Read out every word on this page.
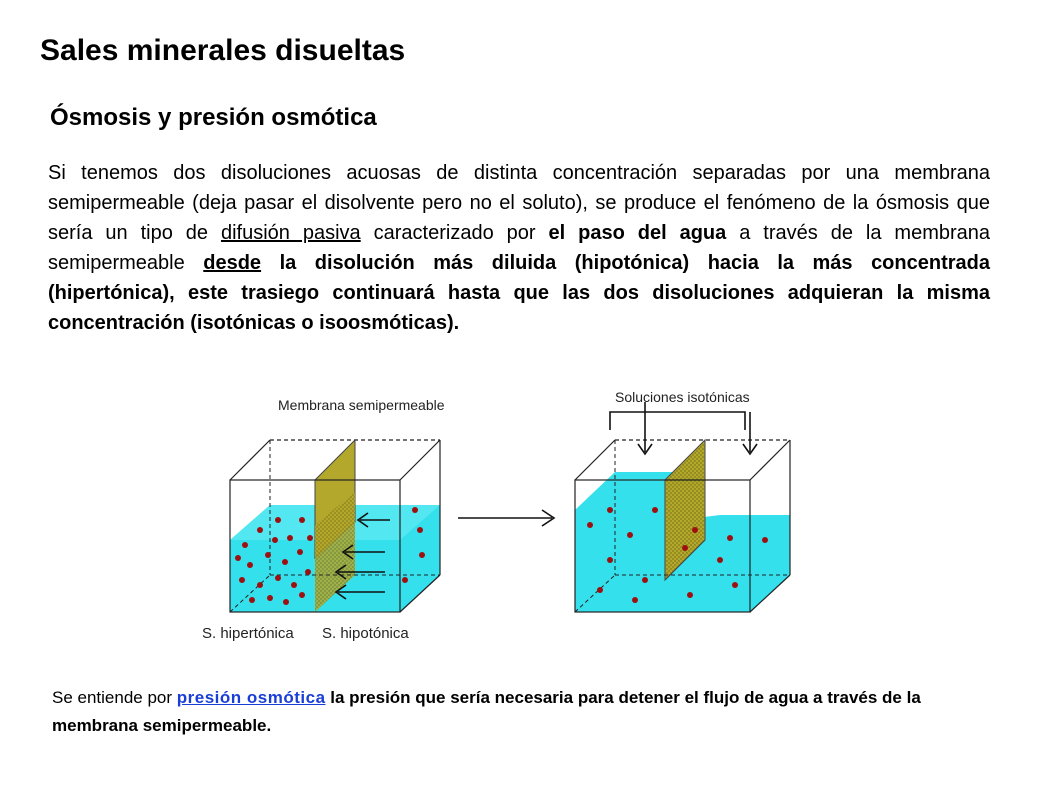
Sales minerales disueltas
Ósmosis y presión osmótica

Si tenemos dos disoluciones acuosas de distinta concentración separadas por una membrana semipermeable (deja pasar el disolvente pero no el soluto), se produce el fenómeno de la ósmosis que sería un tipo de difusión pasiva caracterizado por el paso del agua a través de la membrana semipermeable desde la disolución más diluida (hipotónica) hacia la más concentrada (hipertónica), este trasiego continuará hasta que las dos disoluciones adquieran la misma concentración (isotónicas o isoosmóticas).

Membrana semipermeable	Soluciones isotónicas
S. hipertónica S. hipotónica

Se entiende por presión osmótica la presión que sería necesaria para detener el flujo de agua a través de la membrana semipermeable.
